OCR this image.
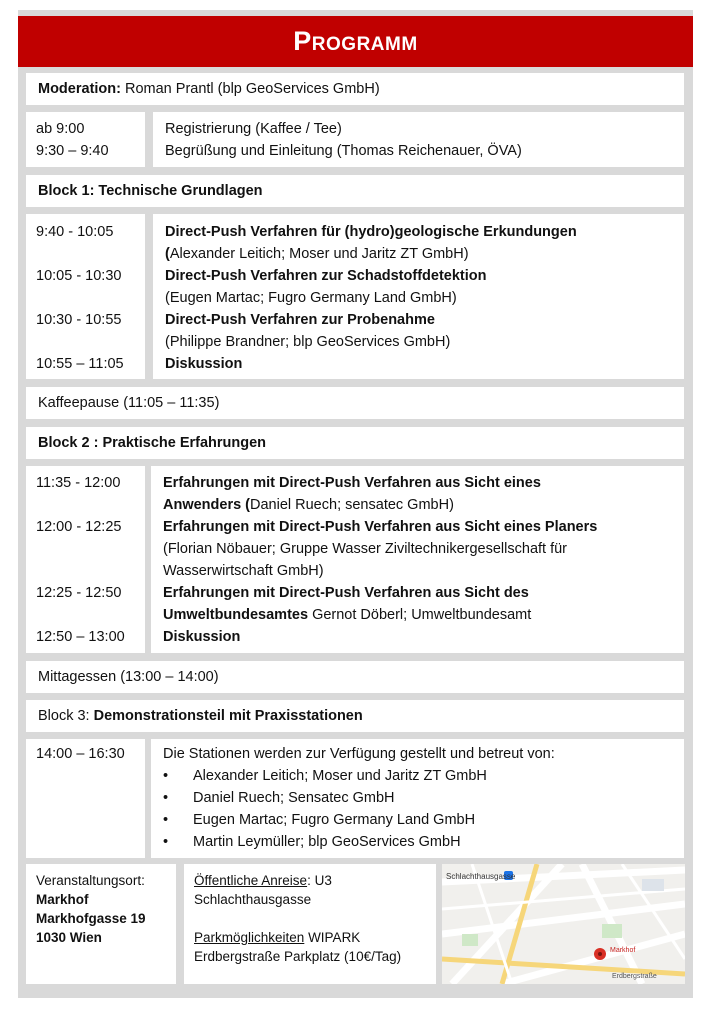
Programm
Moderation: Roman Prantl (blp GeoServices GmbH)
ab 9:00
9:30 – 9:40
Registrierung (Kaffee / Tee)
Begrüßung und Einleitung (Thomas Reichenauer, ÖVA)
Block 1: Technische Grundlagen
9:40 - 10:05
10:05 - 10:30
10:30 - 10:55
10:55 – 11:05
Direct-Push Verfahren für (hydro)geologische Erkundungen
(Alexander Leitich; Moser und Jaritz ZT GmbH)
Direct-Push Verfahren zur Schadstoffdetektion
(Eugen Martac; Fugro Germany Land GmbH)
Direct-Push Verfahren zur Probenahme
(Philippe Brandner; blp GeoServices GmbH)
Diskussion
Kaffeepause (11:05 – 11:35)
Block 2 : Praktische Erfahrungen
11:35 - 12:00
12:00 - 12:25
12:25 - 12:50
12:50 – 13:00
Erfahrungen mit Direct-Push Verfahren aus Sicht eines
Anwenders (Daniel Ruech; sensatec GmbH)
Erfahrungen mit Direct-Push Verfahren aus Sicht eines Planers
(Florian Nöbauer; Gruppe Wasser Ziviltechnikergesellschaft für
Wasserwirtschaft GmbH)
Erfahrungen mit Direct-Push Verfahren aus Sicht des
Umweltbundesamtes Gernot Döberl; Umweltbundesamt
Diskussion
Mittagessen (13:00 – 14:00)
Block 3: Demonstrationsteil mit Praxisstationen
14:00 – 16:30	Die Stationen werden zur Verfügung gestellt und betreut von:
• Alexander Leitich; Moser und Jaritz ZT GmbH
• Daniel Ruech; Sensatec GmbH
• Eugen Martac; Fugro Germany Land GmbH
• Martin Leymüller; blp GeoServices GmbH
Veranstaltungsort:
Markhof
Markhofgasse 19
1030 Wien
Öffentliche Anreise: U3
Schlachthausgasse
Parkmöglichkeiten WIPARK
Erdbergstraße Parkplatz (10€/Tag)
Schlachthausgasse
Markhof
Erdbergstraße
